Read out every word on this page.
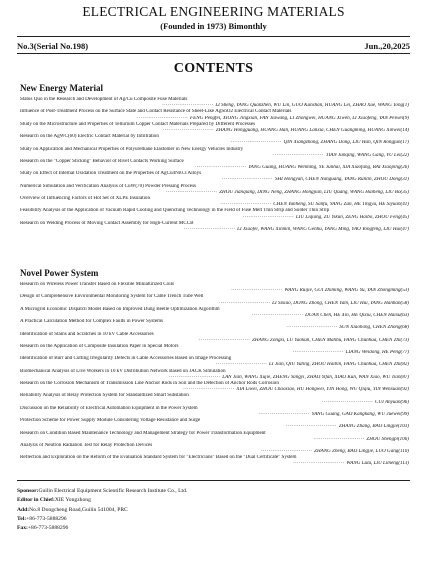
ELECTRICAL ENGINEERING MATERIALS
(Founded in 1973) Bimonthly
No.3(Serial No.198)	Jun.,20,2025
CONTENTS
New Energy Material
Status Quo in the Research and Development of Ag/Cu Composite Fuse Materials
··························· LI Sheng, YANG Quanzhen, WU Lin, GUO Kunshan, HUANG Lei, ZHAO Xue, WANG Tong(1)
Influence of Post-Treatment Process on the Surface State and Contact Resistance of Sheet-Like AgSnO2 Electrical Contact Materials
··························· FENG Pengfei, XIONG Jingxian, FAN Jiawang, LI Zhongwei, HUANG Xiwen, LI Xiaofeng, YAN Peiwei(9)
Study on the Microstructure and Properties of Tellurium Copper Contact Materials Prepared by Different Processes
··························· ZHANG Hongguang, HUANG Han, HUANG Lanxia, CHEN Guangming, HUANG Xinwei(14)
Research on the AgWC(60) Electric Contact Material by Infiltration
··························· QIN Xiangzhong, ZHANG Dong, LIU Han, QIN Rongjun(17)
Study on Application and Mechanical Properties of Polyurethane Elastomer in New Energy Vehicles Industry
··························· TIAN Junqing, WANG Gang, YU Lei(22)
Research on the "Copper Sticking" Behavior of Rivet Contacts Working Surface
··························· YANG Guang, HUANG Wenming, YE Junhai, XIA Xiaofang, BAI Xiaoping(26)
Study on Effect of Internal Oxidation Treatment on the Properties of AgCu4Ni0.3 Alloys
··························· SHI Hongyan, CHEN Nanguang, YANG Runlin, ZHOU Dong(31)
Numerical Simulation and Verification Analysis of CuW(70) Powder Pressing Process
··························· ZHOU Jianqiang, DING Neng, ZHANG Hongjian, LIU Quang, WANG Haiheng, LIU Bo(35)
Overview of Influencing Factors of Hot Set of XLPE Insulation
··························· CHEN Yunheng, SU Sanfu, YANG Zan, HE Tingyu, HE Siyuan(41)
Feasibility Analysis of the Application of Vacuum Rapid Cooling and Quenching Technology in the Field of Fuse Melt Thin Strip and Solder Thin Strip
··························· LIU Liqiang, ZU Yikun, ZENG Haibo, ZHOU Feng(45)
Research on Welding Process of Moving Contact Assembly for High-Current MCCB
··························· LI Xiaofei, WANG Xinmin, WANG Genhu, YANG Ming, YAO Yongfeng, LIU Hui(47)
Novel Power System
Research on Wireless Power Transfer Based on Flexible Miniaturized Coils
··························· WANG Ruijie, GUI Zhiming, WANG Yu, YAN Zhongming(53)
Design of Comprehensive Environmental Monitoring System for Cable Trench Tube Well
··························· LI Sixiao, DONG Zhong, CHEN Yam, LIU Hui, YANG Hanhan(58)
A Microgrid Economic Dispatch Model Based on Improved Dung Beetle Optimization Algorithm
··························· DUAN Chen, HE Xin, HE Qixiu, CHEN Haixu(63)
A Practical Calculation Method for Complex Faults in Power Systems
··························· SUN Xiaohong, CHEN Zhong(68)
Identification of Stains and Scratches in 10 kV Cable Accessories
··························· ZHANG Zongxi, LU Yaokun, CHEN Manhu, FANG Chunhua, CHEN Zhi(73)
Research on the Application of Composite Insulation Paper in Special Motors
··························· LIANG Weidong, HE Peng(77)
Identification of Burr and Cutting Irregularity Defects in Cable Accessories Based on Image Processing
··························· LI Jian, QIU Yuting, ZHOU Haibin, FANG Chunhua, CHEN Zhi(82)
Biomechanical Analysis of Live Workers in 10 kV Distribution Network Based on JACK Simulation
··························· LAN Jian, WANG Xujie, ZHENG Yangyi, ZHAO Yifan, XIAO Kun, WAN Xiao, WU Tian(87)
Research on the Corrosion Mechanism of Transmission Line Anchor Rods in Soil and the Detection of Anchor Rods Corrosion
··························· XIA Liwei, ZHOU Chaoxiao, HU Hongwei, YIN Hong, WU Qiqiu, YIN Wenxuan(92)
Reliability Analysis of Relay Protection System for Standardized Smart Substation
··························· CUI Anyuan(96)
Discussion on the Reliability of Electrical Automation Equipment in the Power System
··························· YANG Guang, GAO Kangkang, WU Juewei(99)
Protection Scheme for Power Supply Module Considering Voltage Resistance and Surge
··························· ZHANG Zhang, BAO Lingjie(103)
Research on Condition Based Maintenance Technology and Management Strategy for Power Transformation Equipment
··························· ZHOU Shengpi(106)
Analysis of Neutron Radiation Test for Relay Protection Devices
··························· ZHANG Zheng, BAO Lingjie, LUO Gang(110)
Reflection and Exploration on the Reform of the Evaluation Standard System for "Electricians" Based on the "Dual Certificate" System
··························· WANG Lulu, LIU Limeng(113)
Sponsor:Guilin Electrical Equipment Scientific Research Institute Co., Ltd.
Editor in Chief:XIE Yongzhong
Add:No.8 Dongcheng Road,Guilin 541004, PRC
Tel:+86-773-5888296
Fax:+86-773-5888296
